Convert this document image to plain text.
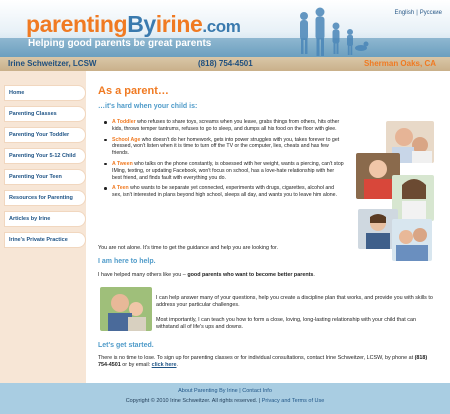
parentingByirine.com
Helping good parents be great parents
English | Русские
Irine Schweitzer, LCSW	(818) 754-4501	Sherman Oaks, CA
Home
Parenting Classes
Parenting Your Toddler
Parenting Your 5-12 Child
Parenting Your Teen
Resources for Parenting
Articles by Irine
Irine's Private Practice
As a parent…
…it's hard when your child is:
A Toddler who refuses to share toys, screams when you leave, grabs things from others, hits other kids, throws temper tantrums, refuses to go to sleep, and dumps all his food on the floor with glee.
School Age who doesn't do her homework, gets into power struggles with you, takes forever to get dressed, won't listen when it is time to turn off the TV or the computer, lies, cheats and has few friends.
A Tween who talks on the phone constantly, is obsessed with her weight, wants a piercing, can't stop IMing, texting, or updating Facebook, won't focus on school, has a love-hate relationship with her best friend, and finds fault with everything you do.
A Teen who wants to be separate yet connected, experiments with drugs, cigarettes, alcohol and sex, isn't interested in plans beyond high school, sleeps all day, and wants you to leave him alone.
You are not alone. It's time to get the guidance and help you are looking for.
I am here to help.
I have helped many others like you – good parents who want to become better parents.
I can help answer many of your questions, help you create a discipline plan that works, and provide you with skills to address your particular challenges.
Most importantly, I can teach you how to form a close, loving, long-lasting relationship with your child that can withstand all of life's ups and downs.
Let's get started.
There is no time to lose. To sign up for parenting classes or for individual consultations, contact Irine Schweitzer, LCSW, by phone at (818) 754-4501 or by email: click here.
About Parenting By Irine | Contact Info
Copyright © 2010 Irine Schweitzer. All rights reserved. | Privacy and Terms of Use
